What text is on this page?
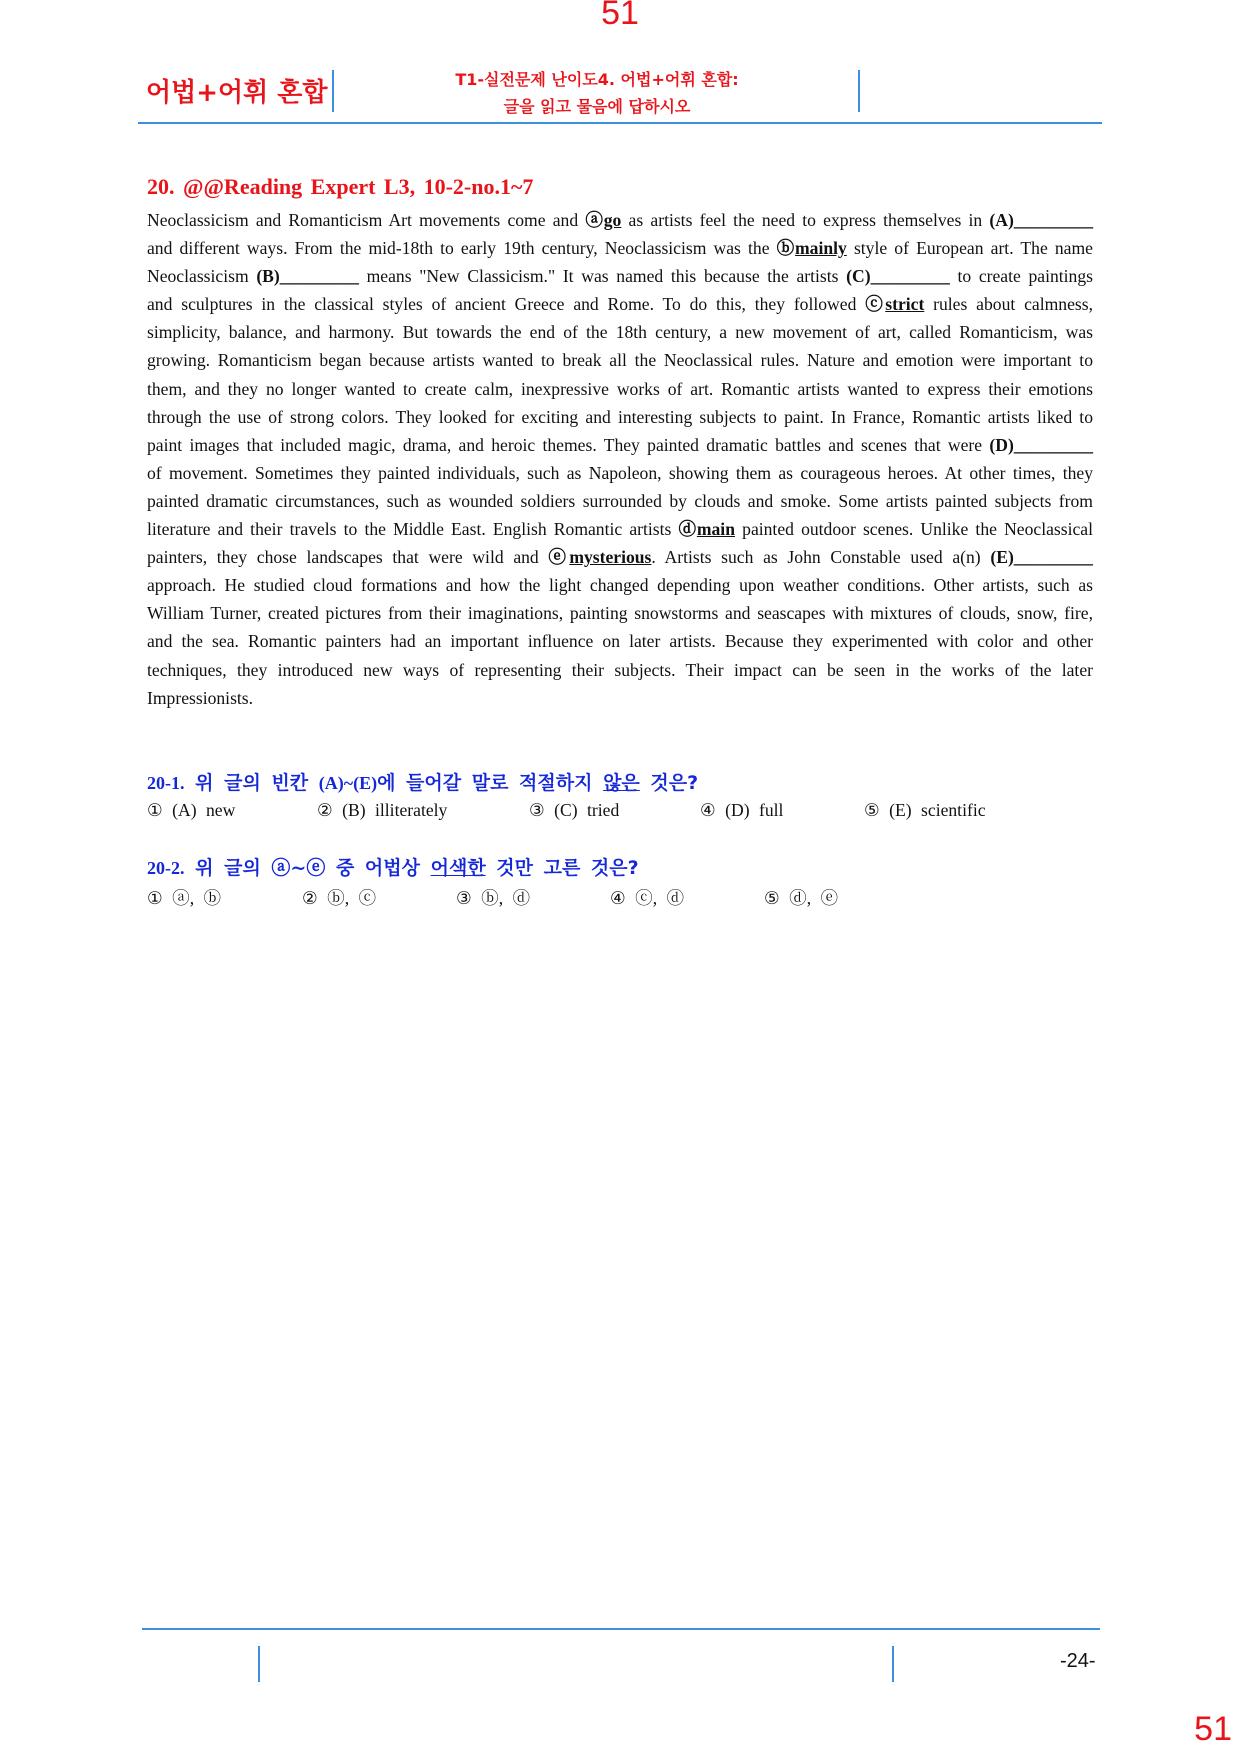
51
어법+어휘 혼합	T1-실전문제 난이도4. 어법+어휘 혼합:
글을 읽고 물음에 답하시오
20. @@Reading Expert L3, 10-2-no.1~7
Neoclassicism and Romanticism Art movements come and ⓐgo as artists feel the need to express themselves in (A)_________ and different ways. From the mid-18th to early 19th century, Neoclassicism was the ⓑmainly style of European art. The name Neoclassicism (B)_________ means "New Classicism." It was named this because the artists (C)_________ to create paintings and sculptures in the classical styles of ancient Greece and Rome. To do this, they followed ⓒstrict rules about calmness, simplicity, balance, and harmony. But towards the end of the 18th century, a new movement of art, called Romanticism, was growing. Romanticism began because artists wanted to break all the Neoclassical rules. Nature and emotion were important to them, and they no longer wanted to create calm, inexpressive works of art. Romantic artists wanted to express their emotions through the use of strong colors. They looked for exciting and interesting subjects to paint. In France, Romantic artists liked to paint images that included magic, drama, and heroic themes. They painted dramatic battles and scenes that were (D)_________ of movement. Sometimes they painted individuals, such as Napoleon, showing them as courageous heroes. At other times, they painted dramatic circumstances, such as wounded soldiers surrounded by clouds and smoke. Some artists painted subjects from literature and their travels to the Middle East. English Romantic artists ⓓmain painted outdoor scenes. Unlike the Neoclassical painters, they chose landscapes that were wild and ⓔmysterious. Artists such as John Constable used a(n) (E)_________ approach. He studied cloud formations and how the light changed depending upon weather conditions. Other artists, such as William Turner, created pictures from their imaginations, painting snowstorms and seascapes with mixtures of clouds, snow, fire, and the sea. Romantic painters had an important influence on later artists. Because they experimented with color and other techniques, they introduced new ways of representing their subjects. Their impact can be seen in the works of the later Impressionists.
20-1. 위 글의 빈칸 (A)~(E)에 들어갈 말로 적절하지 않은 것은?
① (A) new	② (B) illiterately	③ (C) tried	④ (D) full	⑤ (E) scientific
20-2. 위 글의 ⓐ~ⓔ 중 어법상 어색한 것만 고른 것은?
① ⓐ, ⓑ	② ⓑ, ⓒ	③ ⓑ, ⓓ	④ ⓒ, ⓓ	⑤ ⓓ, ⓔ
-24-
51
